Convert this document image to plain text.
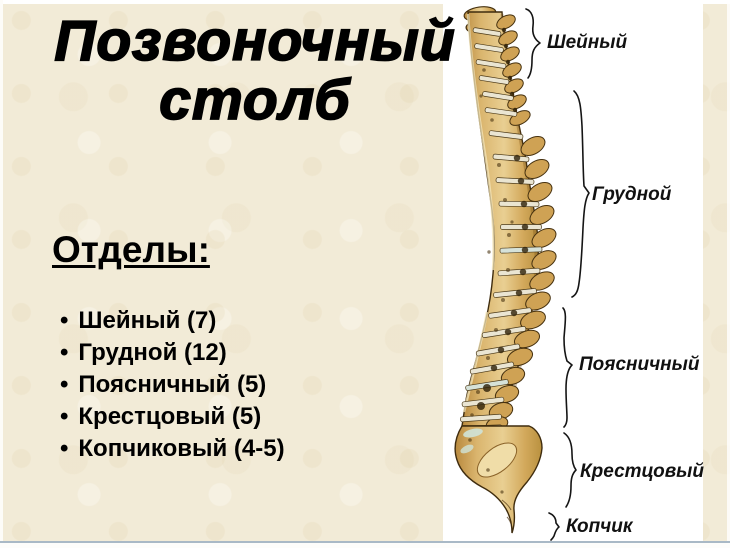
Позвоночный
столб
Отделы:
• Шейный (7)
• Грудной (12)
• Поясничный (5)
• Крестцовый (5)
• Копчиковый (4-5)
Шейный
Грудной
Поясничный
Крестцовый
Копчик
